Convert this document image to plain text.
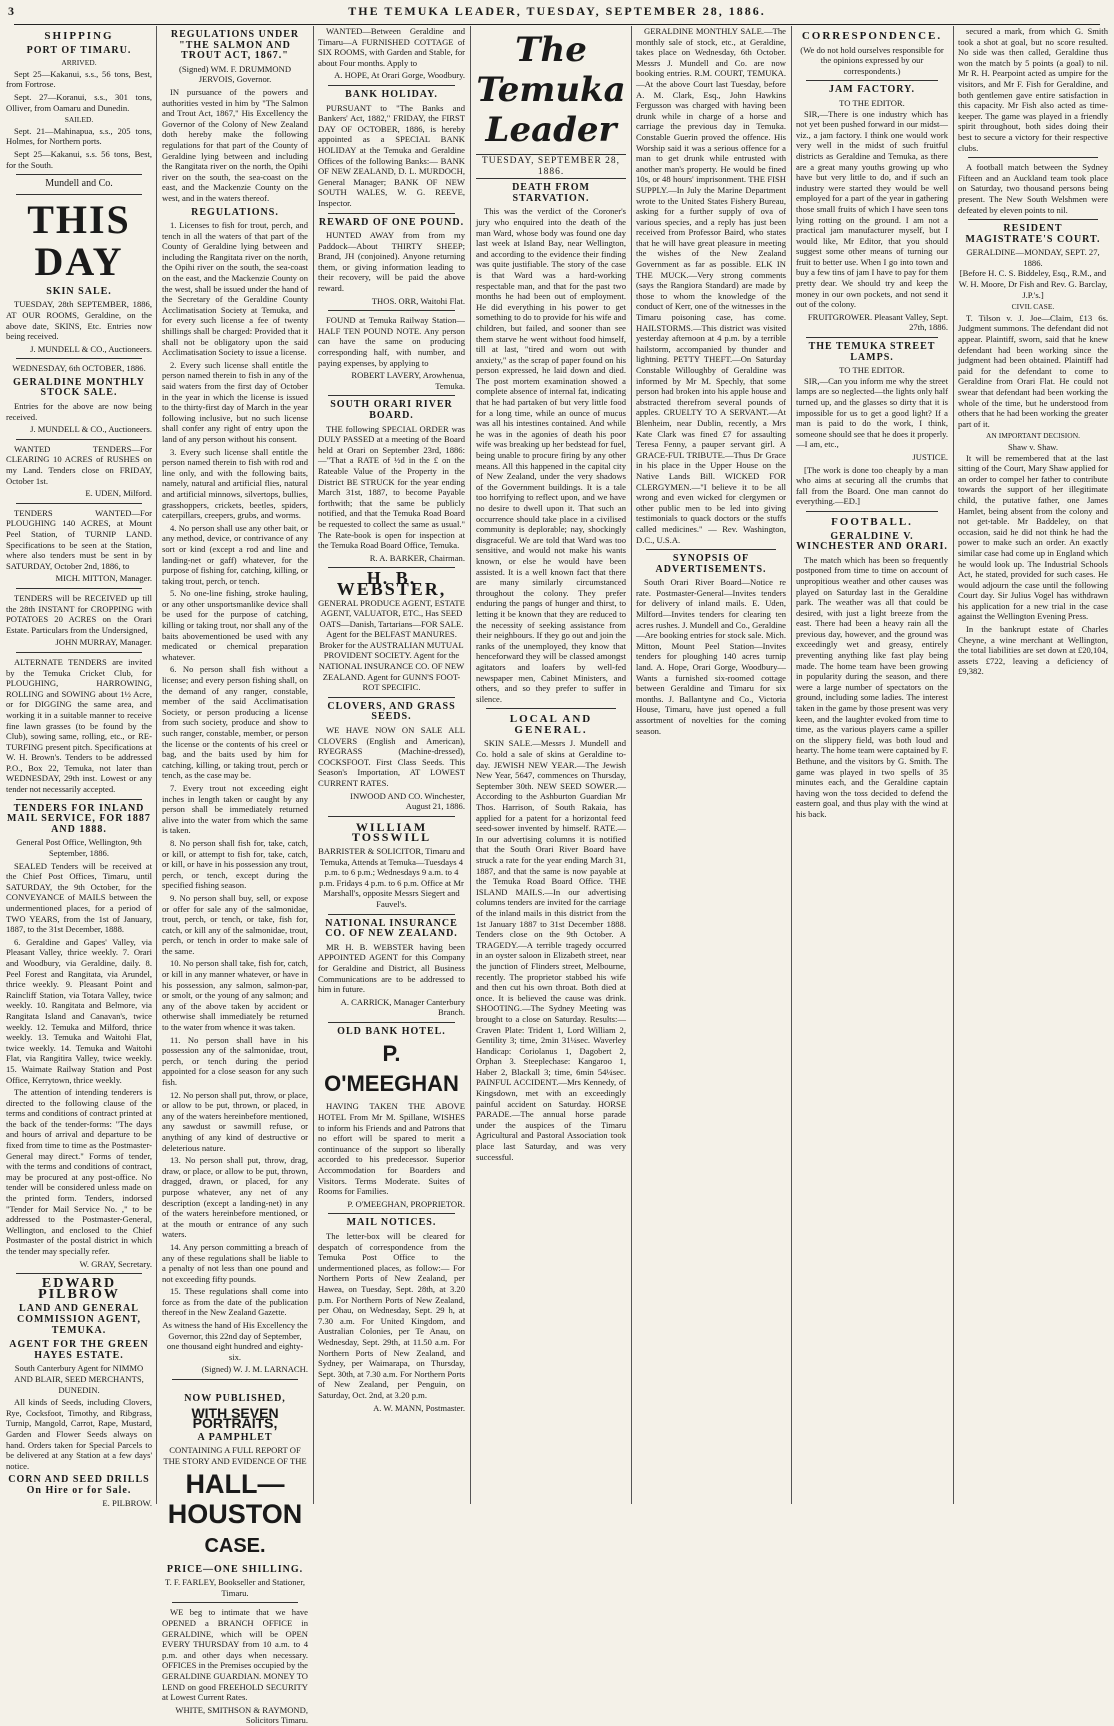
3	THE TEMUKA LEADER, TUESDAY, SEPTEMBER 28, 1886.
SHIPPING
PORT OF TIMARU.
ARRIVED.

Sept 25—Kakanui, s.s., 56 tons, Best, from Fortrose.

Sept. 27—Koranui, s.s., 301 tons, Olliver, from Oamaru and Dunedin.

SAILED.

Sept. 21—Mahinapua, s.s., 205 tons, Holmes, for Northern ports.

Sept 25—Kakanui, s.s. 56 tons, Best, for the South.

Mundell and Co.
THIS DAY
SKIN SALE.

TUESDAY, 28th SEPTEMBER, 1886, AT OUR ROOMS, Geraldine, on the above date, SKINS, Etc. Entries now being received.

J. MUNDELL & CO., Auctioneers.

WEDNESDAY, 6th OCTOBER, 1886.
GERALDINE MONTHLY STOCK SALE.

Entries for the above are now being received.

J. MUNDELL & CO., Auctioneers.

WANTED TENDERS—For CLEARING 10 ACRES of RUSHES on my Land. Tenders close on FRIDAY, October 1st.

E. UDEN, Milford.

TENDERS WANTED—For PLOUGHING 140 ACRES, at Mount Peel Station, of TURNIP LAND. Specifications to be seen at the Station, where also tenders must be sent in by SATURDAY, October 2nd, 1886, to

MICH. MITTON, Manager.

TENDERS will be RECEIVED up till the 28th INSTANT for CROPPING with POTATOES 20 ACRES on the Orari Estate. Particulars from the Undersigned,

JOHN MURRAY, Manager.

ALTERNATE TENDERS are invited by the Temuka Cricket Club, for PLOUGHING, HARROWING, ROLLING and SOWING about 1½ Acre, or for DIGGING the same area, and working it in a suitable manner to receive fine lawn grasses (to be found by the Club), sowing same, rolling, etc., or RE-TURFING present pitch. Specifications at W. H. Brown's. Tenders to be addressed P.O., Box 22, Temuka, not later than WEDNESDAY, 29th inst. Lowest or any tender not necessarily accepted.

TENDERS FOR INLAND MAIL SERVICE, FOR 1887 AND 1888.

General Post Office, Wellington, 9th September, 1886.

SEALED Tenders will be received at the Chief Post Offices, Timaru, until SATURDAY, the 9th October, for the CONVEYANCE of MAILS between the undermentioned places, for a period of TWO YEARS, from the 1st of January, 1887, to the 31st December, 1888.

6. Geraldine and Gapes' Valley, via Pleasant Valley, thrice weekly. 7. Orari and Woodbury, via Geraldine, daily. 8. Peel Forest and Rangitata, via Arundel, thrice weekly. 9. Pleasant Point and Raincliff Station, via Totara Valley, twice weekly. 10. Rangitata and Belmore, via Rangitata Island and Canavan's, twice weekly. 12. Temuka and Milford, thrice weekly. 13. Temuka and Waitohi Flat, twice weekly. 14. Temuka and Waitohi Flat, via Rangitira Valley, twice weekly. 15. Waimate Railway Station and Post Office, Kerrytown, thrice weekly.

The attention of intending tenderers is directed to the following clause of the terms and conditions of contract printed at the back of the tender-forms: "The days and hours of arrival and departure to be fixed from time to time as the Postmaster-General may direct." Forms of tender, with the terms and conditions of contract, may be procured at any post-office. No tender will be considered unless made on the printed form. Tenders, indorsed "Tender for Mail Service No. ," to be addressed to the Postmaster-General, Wellington, and enclosed to the Chief Postmaster of the postal district in which the tender may specially refer.

W. GRAY, Secretary.

EDWARD PILBROW
LAND AND GENERAL COMMISSION AGENT, TEMUKA.
AGENT FOR THE GREEN HAYES ESTATE.

South Canterbury Agent for NIMMO AND BLAIR, SEED MERCHANTS, DUNEDIN.

All kinds of Seeds, including Clovers, Rye, Cocksfoot, Timothy, and Ribgrass, Turnip, Mangold, Carrot, Rape, Mustard, Garden and Flower Seeds always on hand. Orders taken for Special Parcels to be delivered at any Station at a few days' notice.

CORN AND SEED DRILLS On Hire or for Sale.

E. PILBROW.

REGULATIONS UNDER "THE SALMON AND TROUT ACT, 1867."

(Signed) WM. F. DRUMMOND JERVOIS, Governor.

IN pursuance of the powers and authorities vested in him by "The Salmon and Trout Act, 1867," His Excellency the Governor of the Colony of New Zealand doth hereby make the following regulations for that part of the County of Geraldine lying between and including the Rangitata river on the north, the Opihi river on the south, the sea-coast on the east, and the Mackenzie County on the west, and in the waters thereof.

REGULATIONS.

1. Licenses to fish for trout, perch, and tench in all the waters of that part of the County of Geraldine lying between and including the Rangitata river on the north, the Opihi river on the south, the sea-coast on the east, and the Mackenzie County on the west, shall be issued under the hand of the Secretary of the Geraldine County Acclimatisation Society at Temuka, and for every such license a fee of twenty shillings shall be charged: Provided that it shall not be obligatory upon the said Acclimatisation Society to issue a license.

2. Every such license shall entitle the person named therein to fish in any of the said waters from the first day of October in the year in which the license is issued to the thirty-first day of March in the year following inclusive, but no such license shall confer any right of entry upon the land of any person without his consent.

3. Every such license shall entitle the person named therein to fish with rod and line only, and with the following baits, namely, natural and artificial flies, natural and artificial minnows, silvertops, bullies, grasshoppers, crickets, beetles, spiders, caterpillars, creepers, grubs, and worms.

4. No person shall use any other bait, or any method, device, or contrivance of any sort or kind (except a rod and line and landing-net or gaff) whatever, for the purpose of fishing for, catching, killing, or taking trout, perch, or tench.

5. No one-line fishing, stroke hauling, or any other unsportsmanlike device shall be used for the purpose of catching, killing or taking trout, nor shall any of the baits abovementioned be used with any medicated or chemical preparation whatever.

6. No person shall fish without a license; and every person fishing shall, on the demand of any ranger, constable, member of the said Acclimatisation Society, or person producing a license from such society, produce and show to such ranger, constable, member, or person the license or the contents of his creel or bag, and the baits used by him for catching, killing, or taking trout, perch or tench, as the case may be.

7. Every trout not exceeding eight inches in length taken or caught by any person shall be immediately returned alive into the water from which the same is taken.

8. No person shall fish for, take, catch, or kill, or attempt to fish for, take, catch, or kill, or have in his possession any trout, perch, or tench, except during the specified fishing season.

9. No person shall buy, sell, or expose or offer for sale any of the salmonidae, trout, perch, or tench, or take, fish for, catch, or kill any of the salmonidae, trout, perch, or tench in order to make sale of the same.

10. No person shall take, fish for, catch, or kill in any manner whatever, or have in his possession, any salmon, salmon-par, or smolt, or the young of any salmon; and any of the above taken by accident or otherwise shall immediately be returned to the water from whence it was taken.

11. No person shall have in his possession any of the salmonidae, trout, perch, or tench during the period appointed for a close season for any such fish.

12. No person shall put, throw, or place, or allow to be put, thrown, or placed, in any of the waters hereinbefore mentioned, any sawdust or sawmill refuse, or anything of any kind of destructive or deleterious nature.

13. No person shall put, throw, drag, draw, or place, or allow to be put, thrown, dragged, drawn, or placed, for any purpose whatever, any net of any description (except a landing-net) in any of the waters hereinbefore mentioned, or at the mouth or entrance of any such waters.

14. Any person committing a breach of any of these regulations shall be liable to a penalty of not less than one pound and not exceeding fifty pounds.

15. These regulations shall come into force as from the date of the publication thereof in the New Zealand Gazette.

As witness the hand of His Excellency the Governor, this 22nd day of September, one thousand eight hundred and eighty-six.

(Signed) W. J. M. LARNACH.

NOW PUBLISHED,
WITH SEVEN PORTRAITS,
A PAMPHLET

CONTAINING A FULL REPORT OF THE STORY AND EVIDENCE OF THE

HALL—HOUSTON
CASE.
PRICE—ONE SHILLING.

T. F. FARLEY, Bookseller and Stationer, Timaru.

WE beg to intimate that we have OPENED a BRANCH OFFICE in GERALDINE, which will be OPEN EVERY THURSDAY from 10 a.m. to 4 p.m. and other days when necessary. OFFICES in the Premises occupied by the GERALDINE GUARDIAN. MONEY TO LEND on good FREEHOLD SECURITY at Lowest Current Rates.

WHITE, SMITHSON & RAYMOND, Solicitors Timaru.

WANTED—Between Geraldine and Timaru—A FURNISHED COTTAGE of SIX ROOMS, with Garden and Stable, for about Four months. Apply to

A. HOPE, At Orari Gorge, Woodbury.

BANK HOLIDAY.

PURSUANT to "The Banks and Bankers' Act, 1882," FRIDAY, the FIRST DAY OF OCTOBER, 1886, is hereby appointed as a SPECIAL BANK HOLIDAY at the Temuka and Geraldine Offices of the following Banks:— BANK OF NEW ZEALAND, D. L. MURDOCH, General Manager; BANK OF NEW SOUTH WALES, W. G. REEVE, Inspector.

REWARD OF ONE POUND.

HUNTED AWAY from from my Paddock—About THIRTY SHEEP; Brand, JH (conjoined). Anyone returning them, or giving information leading to their recovery, will be paid the above reward.

THOS. ORR, Waitohi Flat.

FOUND at Temuka Railway Station—HALF TEN POUND NOTE. Any person can have the same on producing corresponding half, with number, and paying expenses, by applying to

ROBERT LAVERY, Arowhenua, Temuka.

SOUTH ORARI RIVER BOARD.

THE following SPECIAL ORDER was DULY PASSED at a meeting of the Board held at Orari on September 23rd, 1886:—"That a RATE of ½d in the £ on the Rateable Value of the Property in the District BE STRUCK for the year ending March 31st, 1887, to become Payable forthwith; that the same be publicly notified, and that the Temuka Road Board be requested to collect the same as usual." The Rate-book is open for inspection at the Temuka Road Board Office, Temuka.

R. A. BARKER, Chairman.

H. B. WEBSTER,

GENERAL PRODUCE AGENT, ESTATE AGENT, VALUATOR, ETC., Has SEED OATS—Danish, Tartarians—FOR SALE. Agent for the BELFAST MANURES. Broker for the AUSTRALIAN MUTUAL PROVIDENT SOCIETY. Agent for the NATIONAL INSURANCE CO. OF NEW ZEALAND. Agent for GUNN'S FOOT-ROT SPECIFIC.

CLOVERS, AND GRASS SEEDS.

WE HAVE NOW ON SALE ALL CLOVERS (English and American), RYEGRASS (Machine-dressed), COCKSFOOT. First Class Seeds. This Season's Importation, AT LOWEST CURRENT RATES.

INWOOD AND CO. Winchester, August 21, 1886.

WILLIAM TOSSWILL

BARRISTER & SOLICITOR, Timaru and Temuka, Attends at Temuka—Tuesdays 4 p.m. to 6 p.m.; Wednesdays 9 a.m. to 4 p.m. Fridays 4 p.m. to 6 p.m. Office at Mr Marshall's, opposite Messrs Siegert and Fauvel's.

NATIONAL INSURANCE CO. OF NEW ZEALAND.

MR H. B. WEBSTER having been APPOINTED AGENT for this Company for Geraldine and District, all Business Communications are to be addressed to him in future.

A. CARRICK, Manager Canterbury Branch.

OLD BANK HOTEL.
P. O'MEEGHAN

HAVING TAKEN THE ABOVE HOTEL From Mr M. Spillane, WISHES to inform his Friends and and Patrons that no effort will be spared to merit a continuance of the support so liberally accorded to his predecessor. Superior Accommodation for Boarders and Visitors. Terms Moderate. Suites of Rooms for Families.

P. O'MEEGHAN, PROPRIETOR.

MAIL NOTICES.

The letter-box will be cleared for despatch of correspondence from the Temuka Post Office to the undermentioned places, as follow:— For Northern Ports of New Zealand, per Hawea, on Tuesday, Sept. 28th, at 3.20 p.m. For Northern Ports of New Zealand, per Ohau, on Wednesday, Sept. 29 h, at 7.30 a.m. For United Kingdom, and Australian Colonies, per Te Anau, on Wednesday, Sept. 29th, at 11.50 a.m. For Northern Ports of New Zealand, and Sydney, per Waimarapa, on Thursday, Sept. 30th, at 7.30 a.m. For Northern Ports of New Zealand, per Penguin, on Saturday, Oct. 2nd, at 3.20 p.m.

A. W. MANN, Postmaster.

The Temuka Leader
TUESDAY, SEPTEMBER 28, 1886.
DEATH FROM STARVATION.

This was the verdict of the Coroner's jury who enquired into the death of the man Ward, whose body was found one day last week at Island Bay, near Wellington, and according to the evidence their finding was quite justifiable. The story of the case is that Ward was a hard-working respectable man, and that for the past two months he had been out of employment. He did everything in his power to get something to do to provide for his wife and children, but failed, and sooner than see them starve he went without food himself, till at last, "tired and worn out with anxiety," as the scrap of paper found on his person expressed, he laid down and died. The post mortem examination showed a complete absence of internal fat, indicating that he had partaken of but very little food for a long time, while an ounce of mucus was all his intestines contained. And while he was in the agonies of death his poor wife was breaking up her bedstead for fuel, being unable to procure firing by any other means. All this happened in the capital city of New Zealand, under the very shadows of the Government buildings. It is a tale too horrifying to reflect upon, and we have no desire to dwell upon it. That such an occurrence should take place in a civilised community is deplorable; nay, shockingly disgraceful. We are told that Ward was too sensitive, and would not make his wants known, or else he would have been assisted. It is a well known fact that there are many similarly circumstanced throughout the colony. They prefer enduring the pangs of hunger and thirst, to letting it be known that they are reduced to the necessity of seeking assistance from their neighbours. If they go out and join the ranks of the unemployed, they know that henceforward they will be classed amongst agitators and loafers by well-fed newspaper men, Cabinet Ministers, and others, and so they prefer to suffer in silence.

LOCAL AND GENERAL.

SKIN SALE.—Messrs J. Mundell and Co. hold a sale of skins at Geraldine to-day. JEWISH NEW YEAR.—The Jewish New Year, 5647, commences on Thursday, September 30th. NEW SEED SOWER.—According to the Ashburton Guardian Mr Thos. Harrison, of South Rakaia, has applied for a patent for a horizontal feed seed-sower invented by himself. RATE.—In our advertising columns it is notified that the South Orari River Board have struck a rate for the year ending March 31, 1887, and that the same is now payable at the Temuka Road Board Office. THE ISLAND MAILS.—In our advertising columns tenders are invited for the carriage of the inland mails in this district from the 1st January 1887 to 31st December 1888. Tenders close on the 9th October. A TRAGEDY.—A terrible tragedy occurred in an oyster saloon in Elizabeth street, near the junction of Flinders street, Melbourne, recently. The proprietor stabbed his wife and then cut his own throat. Both died at once. It is believed the cause was drink. SHOOTING.—The Sydney Meeting was brought to a close on Saturday. Results:—Craven Plate: Trident 1, Lord William 2, Gentility 3; time, 2min 31¼sec. Waverley Handicap: Coriolanus 1, Dagobert 2, Orphan 3. Steeplechase: Kangaroo 1, Haber 2, Blackall 3; time, 6min 54¼sec. PAINFUL ACCIDENT.—Mrs Kennedy, of Kingsdown, met with an exceedingly painful accident on Saturday. HORSE PARADE.—The annual horse parade under the auspices of the Timaru Agricultural and Pastoral Association took place last Saturday, and was very successful.

GERALDINE MONTHLY SALE.—The monthly sale of stock, etc., at Geraldine, takes place on Wednesday, 6th October. Messrs J. Mundell and Co. are now booking entries. R.M. COURT, TEMUKA.—At the above Court last Tuesday, before A. M. Clark, Esq., John Hawkins Fergusson was charged with having been drunk while in charge of a horse and carriage the previous day in Temuka. Constable Guerin proved the offence. His Worship said it was a serious offence for a man to get drunk while entrusted with another man's property. He would be fined 10s, or 48 hours' imprisonment. THE FISH SUPPLY.—In July the Marine Department wrote to the United States Fishery Bureau, asking for a further supply of ova of various species, and a reply has just been received from Professor Baird, who states that he will have great pleasure in meeting the wishes of the New Zealand Government as far as possible. ELK IN THE MUCK.—Very strong comments (says the Rangiora Standard) are made by those to whom the knowledge of the conduct of Kerr, one of the witnesses in the Timaru poisoning case, has come. HAILSTORMS.—This district was visited yesterday afternoon at 4 p.m. by a terrible hailstorm, accompanied by thunder and lightning. PETTY THEFT.—On Saturday Constable Willoughby of Geraldine was informed by Mr M. Spechly, that some person had broken into his apple house and abstracted therefrom several pounds of apples. CRUELTY TO A SERVANT.—At Blenheim, near Dublin, recently, a Mrs Kate Clark was fined £7 for assaulting Teresa Fenny, a pauper servant girl. A GRACE-FUL TRIBUTE.—Thus Dr Grace in his place in the Upper House on the Native Lands Bill. WICKED FOR CLERGYMEN.—"I believe it to be all wrong and even wicked for clergymen or other public men to be led into giving testimonials to quack doctors or the stuffs called medicines." — Rev. Washington, D.C., U.S.A.

SYNOPSIS OF ADVERTISEMENTS.

South Orari River Board—Notice re rate. Postmaster-General—Invites tenders for delivery of inland mails. E. Uden, Milford—Invites tenders for clearing ten acres rushes. J. Mundell and Co., Geraldine—Are booking entries for stock sale. Mich. Mitton, Mount Peel Station—Invites tenders for ploughing 140 acres turnip land. A. Hope, Orari Gorge, Woodbury—Wants a furnished six-roomed cottage between Geraldine and Timaru for six months. J. Ballantyne and Co., Victoria House, Timaru, have just opened a full assortment of novelties for the coming season.

CORRESPONDENCE.

(We do not hold ourselves responsible for the opinions expressed by our correspondents.)

JAM FACTORY.
TO THE EDITOR.

SIR,—There is one industry which has not yet been pushed forward in our midst—viz., a jam factory. I think one would work very well in the midst of such fruitful districts as Geraldine and Temuka, as there are a great many youths growing up who have but very little to do, and if such an industry were started they would be well employed for a part of the year in gathering those small fruits of which I have seen tons lying rotting on the ground. I am not a practical jam manufacturer myself, but I would like, Mr Editor, that you should suggest some other means of turning our fruit to better use. When I go into town and buy a few tins of jam I have to pay for them pretty dear. We should try and keep the money in our own pockets, and not send it out of the colony.

FRUITGROWER. Pleasant Valley, Sept. 27th, 1886.

THE TEMUKA STREET LAMPS.
TO THE EDITOR.

SIR,—Can you inform me why the street lamps are so neglected—the lights only half turned up, and the glasses so dirty that it is impossible for us to get a good light? If a man is paid to do the work, I think, someone should see that he does it properly.—I am, etc.,

JUSTICE.

[The work is done too cheaply by a man who aims at securing all the crumbs that fall from the Board. One man cannot do everything.—ED.]

FOOTBALL.
GERALDINE V. WINCHESTER AND ORARI.

The match which has been so frequently postponed from time to time on account of unpropitious weather and other causes was played on Saturday last in the Geraldine park. The weather was all that could be desired, with just a light breeze from the east. There had been a heavy rain all the previous day, however, and the ground was exceedingly wet and greasy, entirely preventing anything like fast play being made. The home team have been growing in popularity during the season, and there were a large number of spectators on the ground, including some ladies. The interest taken in the game by those present was very keen, and the laughter evoked from time to time, as the various players came a spiller on the slippery field, was both loud and hearty. The home team were captained by F. Bethune, and the visitors by G. Smith. The game was played in two spells of 35 minutes each, and the Geraldine captain having won the toss decided to defend the eastern goal, and thus play with the wind at his back.

secured a mark, from which G. Smith took a shot at goal, but no score resulted. No side was then called, Geraldine thus won the match by 5 points (a goal) to nil. Mr R. H. Pearpoint acted as umpire for the visitors, and Mr F. Fish for Geraldine, and both gentlemen gave entire satisfaction in this capacity. Mr Fish also acted as time-keeper. The game was played in a friendly spirit throughout, both sides doing their best to secure a victory for their respective clubs.

A football match between the Sydney Fifteen and an Auckland team took place on Saturday, two thousand persons being present. The New South Welshmen were defeated by eleven points to nil.

RESIDENT MAGISTRATE'S COURT.
GERALDINE—MONDAY, SEPT. 27, 1886.

[Before H. C. S. Biddeley, Esq., R.M., and W. H. Moore, Dr Fish and Rev. G. Barclay, J.P.'s.]

CIVIL CASE.

T. Tilson v. J. Joe—Claim, £13 6s. Judgment summons. The defendant did not appear. Plaintiff, sworn, said that he knew defendant had been working since the judgment had been obtained. Plaintiff had paid for the defendant to come to Geraldine from Orari Flat. He could not swear that defendant had been working the whole of the time, but he understood from others that he had been working the greater part of it.

AN IMPORTANT DECISION.
Shaw v. Shaw.

It will be remembered that at the last sitting of the Court, Mary Shaw applied for an order to compel her father to contribute towards the support of her illegitimate child, the putative father, one James Hamlet, being absent from the colony and not get-table. Mr Baddeley, on that occasion, said he did not think he had the power to make such an order. An exactly similar case had come up in England which he would look up. The Industrial Schools Act, he stated, provided for such cases. He would adjourn the case until the following Court day. Sir Julius Vogel has withdrawn his application for a new trial in the case against the Wellington Evening Press.

In the bankrupt estate of Charles Cheyne, a wine merchant at Wellington, the total liabilities are set down at £20,104, assets £722, leaving a deficiency of £9,382.
